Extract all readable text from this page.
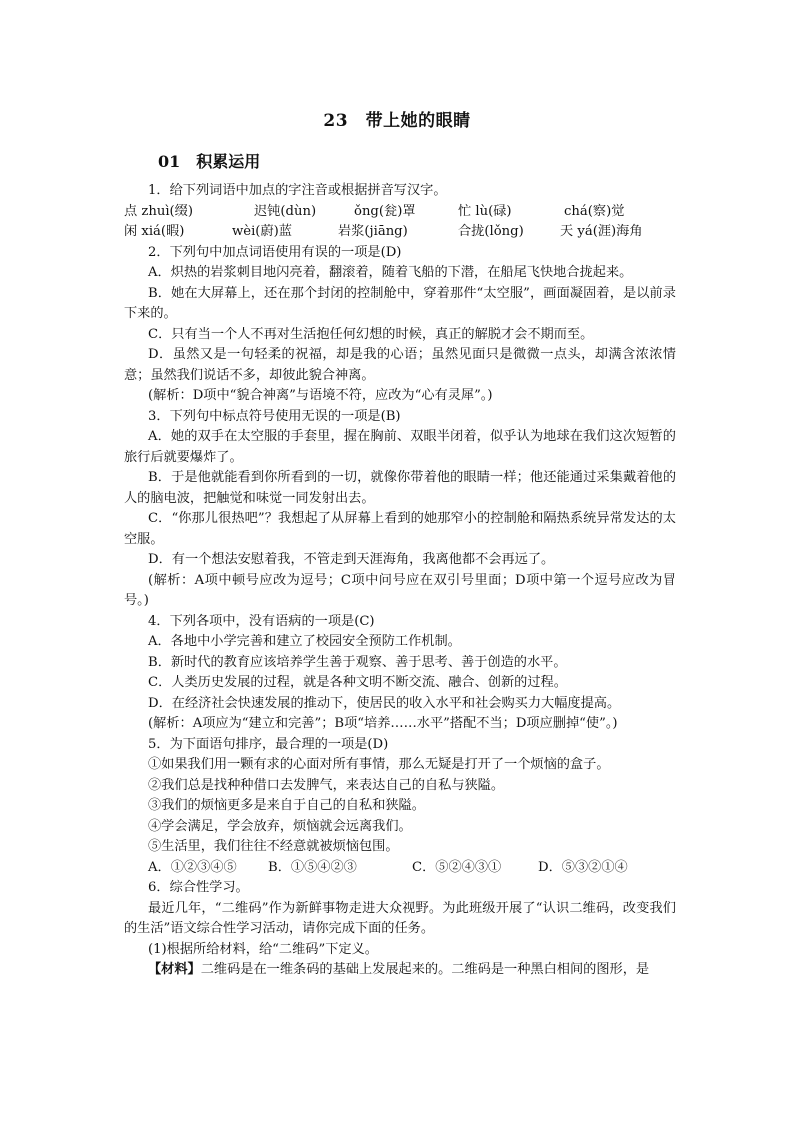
23　带上她的眼睛
01　积累运用
1．给下列词语中加点的字注音或根据拼音写汉字。
点 zhuì(缀)	迟钝(dùn)	ǒng(瓮)罩	忙 lù(碌)	chá(察)觉
闲 xiá(暇)	wèi(蔚)蓝	岩浆(jiāng)	合拢(lǒng)	天 yá(涯)海角
2．下列句中加点词语使用有误的一项是(D)
A．炽热的岩浆刺目地闪亮着，翻滚着，随着飞船的下潜，在船尾飞快地合拢起来。
B．她在大屏幕上，还在那个封闭的控制舱中，穿着那件“太空服”，画面凝固着，是以前录下来的。
C．只有当一个人不再对生活抱任何幻想的时候，真正的解脱才会不期而至。
D．虽然又是一句轻柔的祝福，却是我的心语；虽然见面只是微微一点头，却满含浓浓情意；虽然我们说话不多，却彼此貌合神离。
(解析：D项中“貌合神离”与语境不符，应改为“心有灵犀”。)
3．下列句中标点符号使用无误的一项是(B)
A．她的双手在太空服的手套里，握在胸前、双眼半闭着，似乎认为地球在我们这次短暂的旅行后就要爆炸了。
B．于是他就能看到你所看到的一切，就像你带着他的眼睛一样；他还能通过采集戴着他的人的脑电波，把触觉和味觉一同发射出去。
C．“你那儿很热吧”？我想起了从屏幕上看到的她那窄小的控制舱和隔热系统异常发达的太空服。
D．有一个想法安慰着我，不管走到天涯海角，我离他都不会再远了。
(解析：A项中顿号应改为逗号；C项中问号应在双引号里面；D项中第一个逗号应改为冒号。)
4．下列各项中，没有语病的一项是(C)
A．各地中小学完善和建立了校园安全预防工作机制。
B．新时代的教育应该培养学生善于观察、善于思考、善于创造的水平。
C．人类历史发展的过程，就是各种文明不断交流、融合、创新的过程。
D．在经济社会快速发展的推动下，使居民的收入水平和社会购买力大幅度提高。
(解析：A项应为“建立和完善”；B项“培养……水平”搭配不当；D项应删掉“使”。)
5．为下面语句排序，最合理的一项是(D)
①如果我们用一颗有求的心面对所有事情，那么无疑是打开了一个烦恼的盒子。
②我们总是找种种借口去发脾气，来表达自己的自私与狭隘。
③我们的烦恼更多是来自于自己的自私和狭隘。
④学会满足，学会放弃，烦恼就会远离我们。
⑤生活里，我们往往不经意就被烦恼包围。
A．①②③④⑤ B．①⑤④②③	C．⑤②④③①	D．⑤③②①④
6．综合性学习。
最近几年，“二维码”作为新鲜事物走进大众视野。为此班级开展了“认识二维码，改变我们的生活”语文综合性学习活动，请你完成下面的任务。
(1)根据所给材料，给“二维码”下定义。
【材料】二维码是在一维条码的基础上发展起来的。二维码是一种黑白相间的图形，是
